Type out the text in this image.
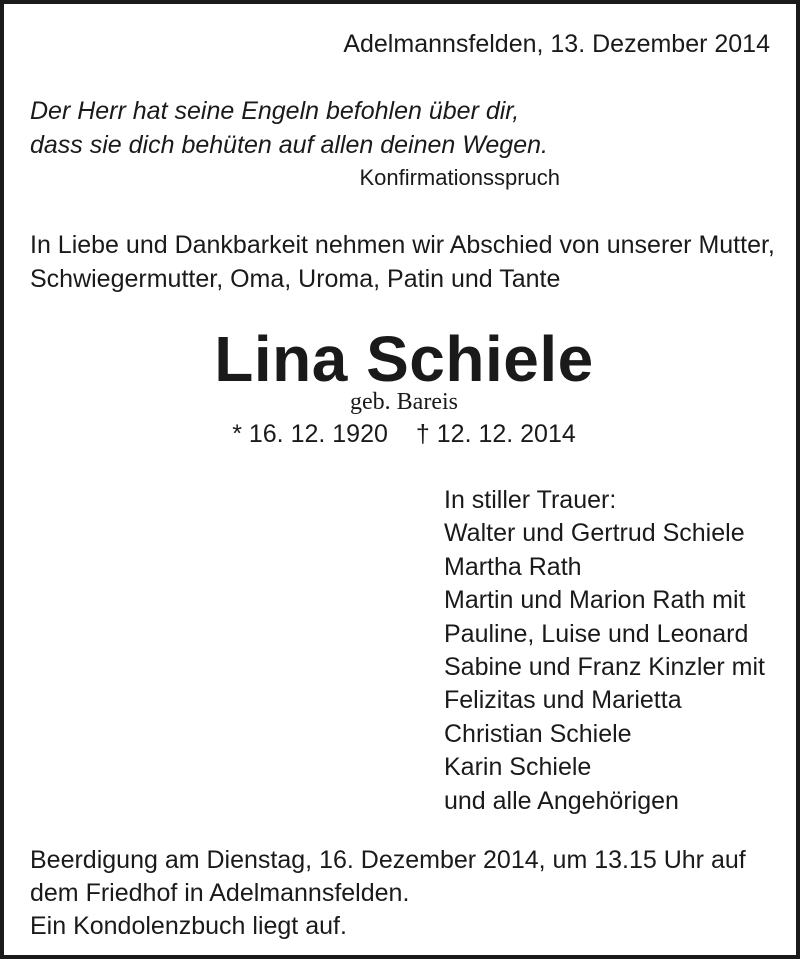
Adelmannsfelden, 13. Dezember 2014

Der Herr hat seine Engeln befohlen über dir,
dass sie dich behüten auf allen deinen Wegen.

Konfirmationsspruch

In Liebe und Dankbarkeit nehmen wir Abschied von unserer Mutter,
Schwiegermutter, Oma, Uroma, Patin und Tante

Lina Schiele

geb. Bareis

* 16. 12. 1920 † 12. 12. 2014

In stiller Trauer:
Walter und Gertrud Schiele
Martha Rath
Martin und Marion Rath mit
Pauline, Luise und Leonard
Sabine und Franz Kinzler mit
Felizitas und Marietta
Christian Schiele
Karin Schiele
und alle Angehörigen

Beerdigung am Dienstag, 16. Dezember 2014, um 13.15 Uhr auf
dem Friedhof in Adelmannsfelden.
Ein Kondolenzbuch liegt auf.
